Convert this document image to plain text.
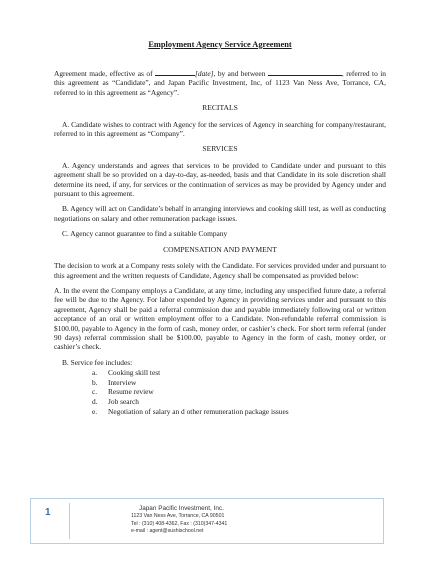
Employment Agency Service Agreement

Agreement made, effective as of	[date], by and between	, referred to in this agreement as “Candidate”, and Japan Pacific Investment, Inc, of 1123 Van Ness Ave, Torrance, CA, referred to in this agreement as “Agency”.

RECITALS

A. Candidate wishes to contract with Agency for the services of Agency in searching for company/restaurant, referred to in this agreement as “Company”.

SERVICES

A. Agency understands and agrees that services to be provided to Candidate under and pursuant to this agreement shall be so provided on a day-to-day, as-needed, basis and that Candidate in its sole discretion shall determine its need, if any, for services or the continuation of services as may be provided by Agency under and pursuant to this agreement.

B. Agency will act on Candidate’s behalf in arranging interviews and cooking skill test, as well as conducting negotiations on salary and other remuneration package issues.

C. Agency cannot guarantee to find a suitable Company

COMPENSATION AND PAYMENT

The decision to work at a Company rests solely with the Candidate. For services provided under and pursuant to this agreement and the written requests of Candidate, Agency shall be compensated as provided below:

A. In the event the Company employs a Candidate, at any time, including any unspecified future date, a referral fee will be due to the Agency. For labor expended by Agency in providing services under and pursuant to this agreement, Agency shall be paid a referral commission due and payable immediately following oral or written acceptance of an oral or written employment offer to a Candidate. Non-refundable referral commission is $100.00, payable to Agency in the form of cash, money order, or cashier’s check. For short term referral (under 90 days) referral commission shall be $100.00, payable to Agency in the form of cash, money order, or cashier’s check.

B. Service fee includes:
a.	Cooking skill test
b.	Interview
c.	Resume review
d.	Job search
e.	Negotiation of salary an d other remuneration package issues
1	Japan Pacific Investment, Inc.
1123 Van Ness Ave, Torrance, CA 90501
Tel : (310) 408-4362, Fax : (310)347-4341
e-mail : agent@sushischool.net
